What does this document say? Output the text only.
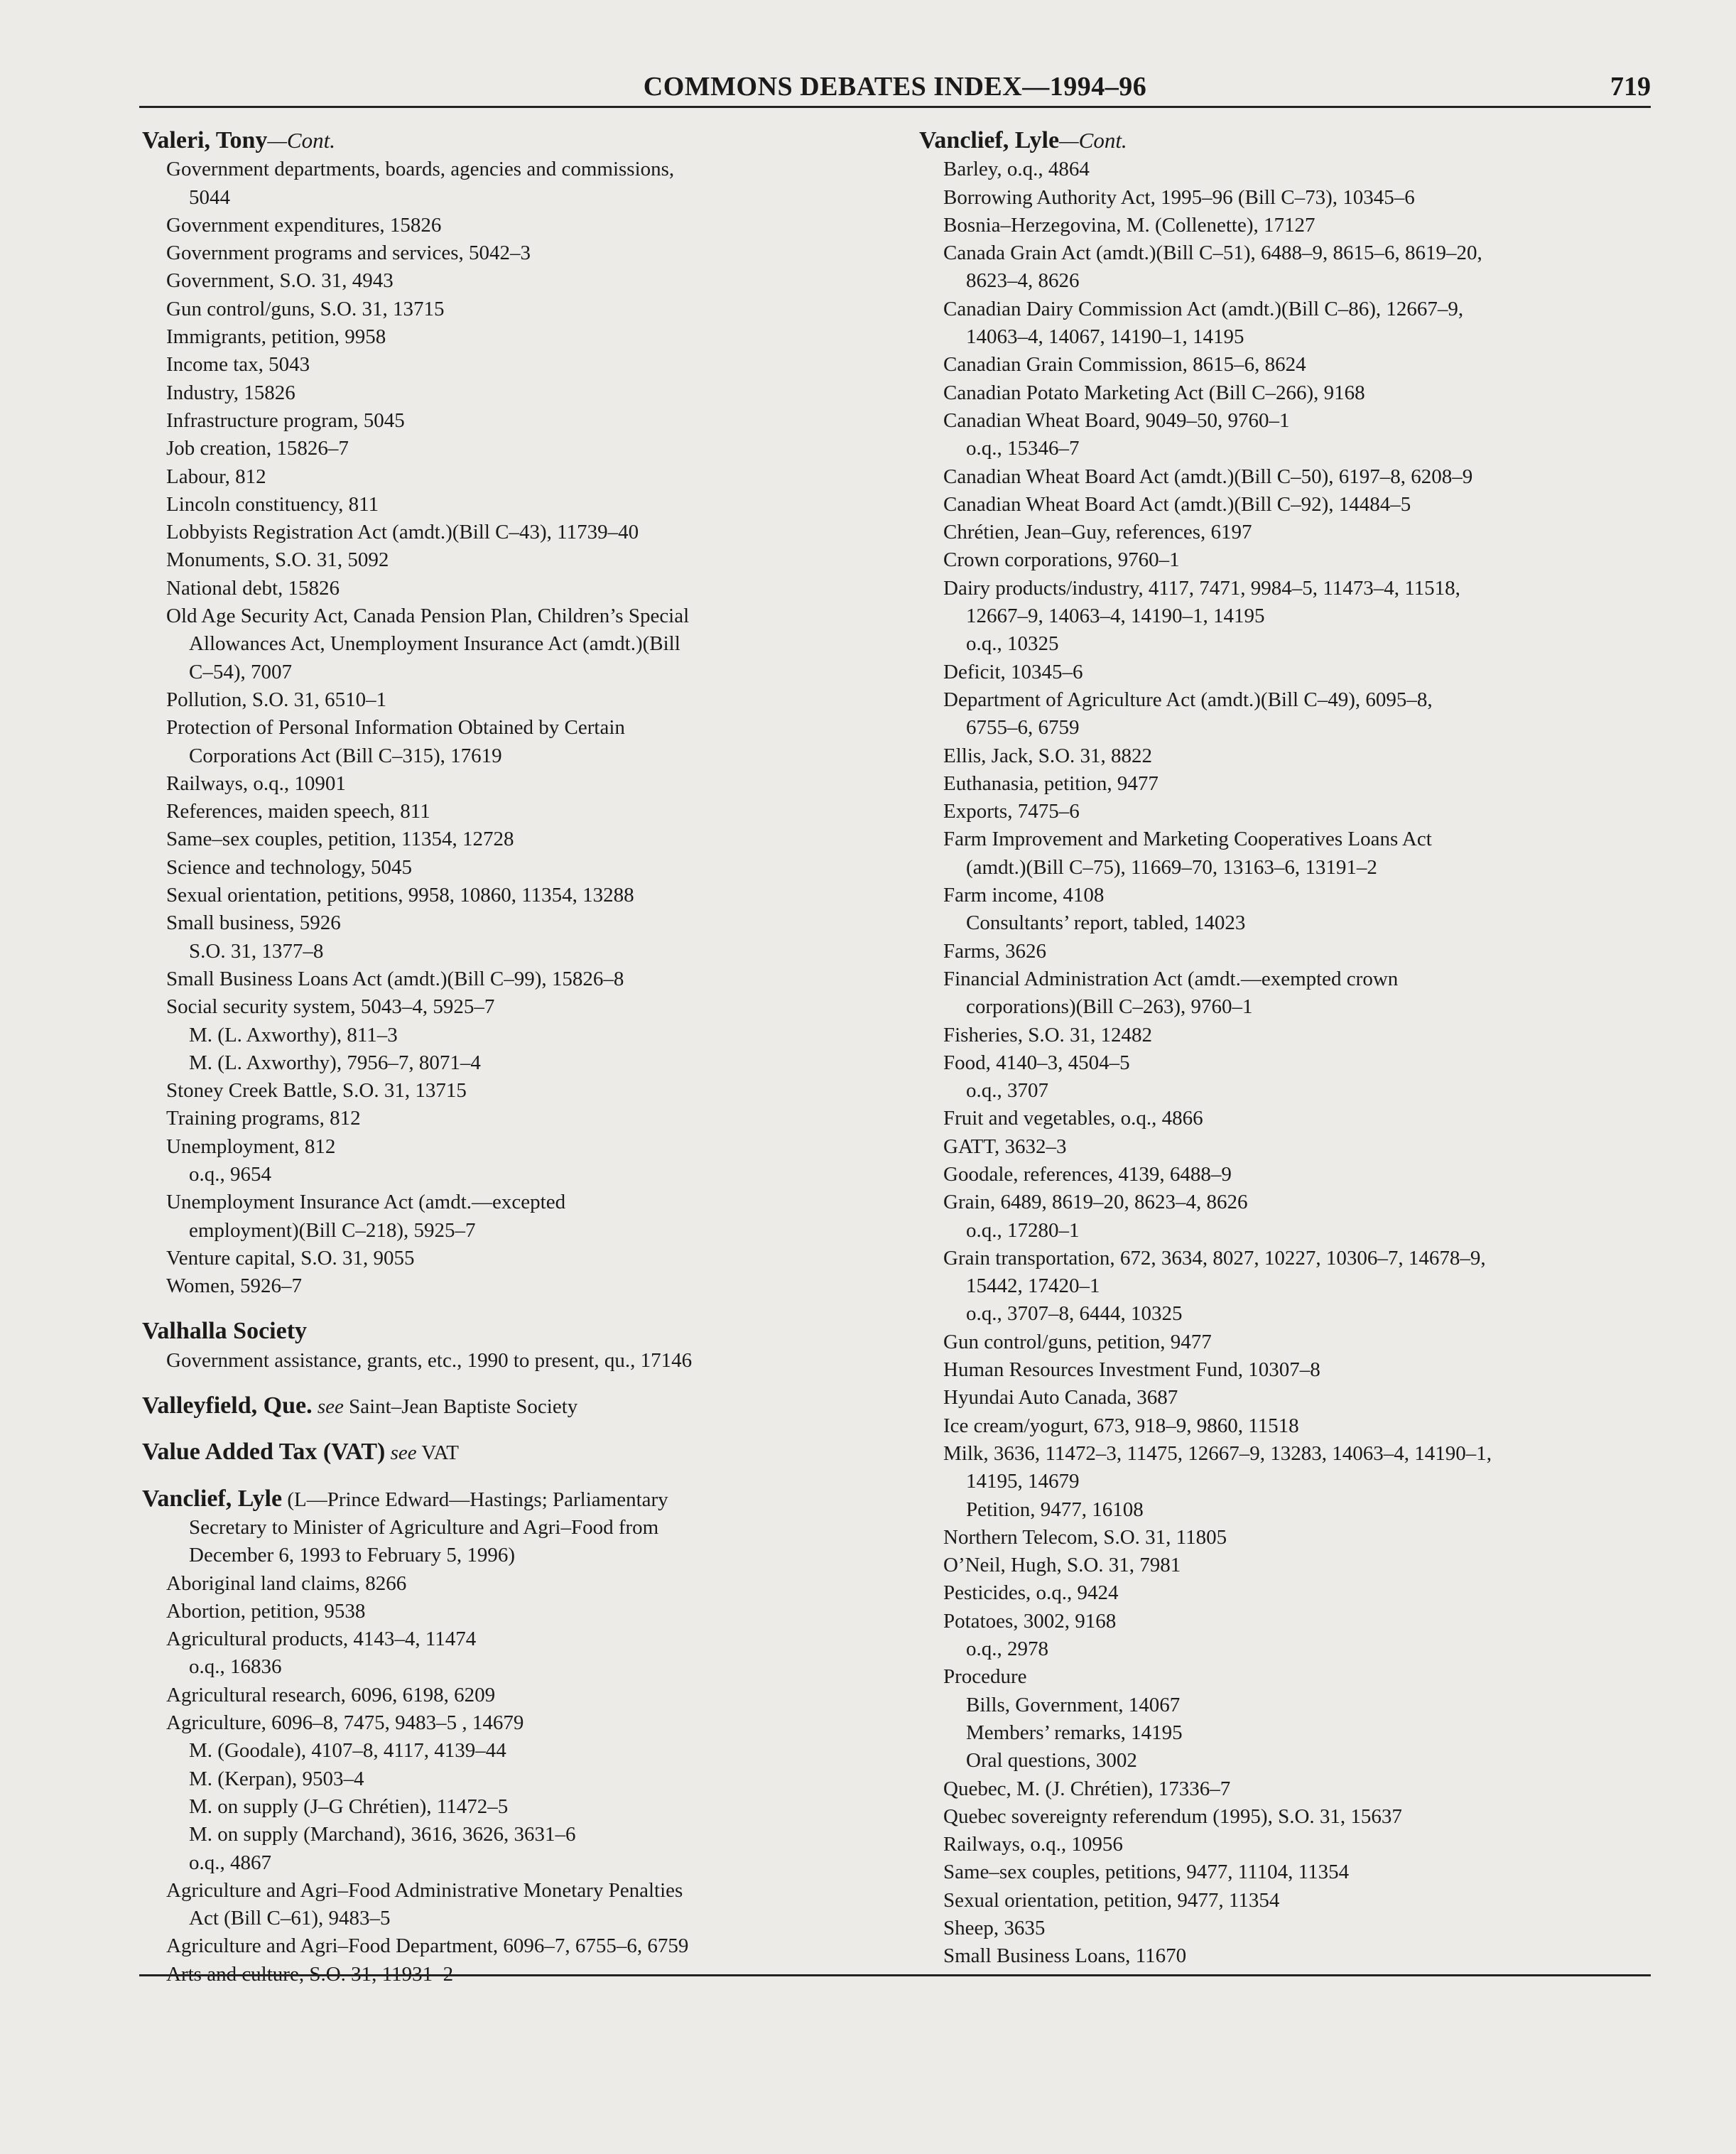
COMMONS DEBATES INDEX—1994–96	719
Valeri, Tony—Cont.
Government departments, boards, agencies and commissions,
5044
Government expenditures, 15826
Government programs and services, 5042–3
Government, S.O. 31, 4943
Gun control/guns, S.O. 31, 13715
Immigrants, petition, 9958
Income tax, 5043
Industry, 15826
Infrastructure program, 5045
Job creation, 15826–7
Labour, 812
Lincoln constituency, 811
Lobbyists Registration Act (amdt.)(Bill C–43), 11739–40
Monuments, S.O. 31, 5092
National debt, 15826
Old Age Security Act, Canada Pension Plan, Children’s Special
Allowances Act, Unemployment Insurance Act (amdt.)(Bill
C–54), 7007
Pollution, S.O. 31, 6510–1
Protection of Personal Information Obtained by Certain
Corporations Act (Bill C–315), 17619
Railways, o.q., 10901
References, maiden speech, 811
Same–sex couples, petition, 11354, 12728
Science and technology, 5045
Sexual orientation, petitions, 9958, 10860, 11354, 13288
Small business, 5926
S.O. 31, 1377–8
Small Business Loans Act (amdt.)(Bill C–99), 15826–8
Social security system, 5043–4, 5925–7
M. (L. Axworthy), 811–3
M. (L. Axworthy), 7956–7, 8071–4
Stoney Creek Battle, S.O. 31, 13715
Training programs, 812
Unemployment, 812
o.q., 9654
Unemployment Insurance Act (amdt.—excepted
employment)(Bill C–218), 5925–7
Venture capital, S.O. 31, 9055
Women, 5926–7
Valhalla Society
Government assistance, grants, etc., 1990 to present, qu., 17146
Valleyfield, Que. see Saint–Jean Baptiste Society
Value Added Tax (VAT) see VAT
Vanclief, Lyle (L—Prince Edward—Hastings; Parliamentary
Secretary to Minister of Agriculture and Agri–Food from
December 6, 1993 to February 5, 1996)
Aboriginal land claims, 8266
Abortion, petition, 9538
Agricultural products, 4143–4, 11474
o.q., 16836
Agricultural research, 6096, 6198, 6209
Agriculture, 6096–8, 7475, 9483–5 , 14679
M. (Goodale), 4107–8, 4117, 4139–44
M. (Kerpan), 9503–4
M. on supply (J–G Chrétien), 11472–5
M. on supply (Marchand), 3616, 3626, 3631–6
o.q., 4867
Agriculture and Agri–Food Administrative Monetary Penalties
Act (Bill C–61), 9483–5
Agriculture and Agri–Food Department, 6096–7, 6755–6, 6759
Arts and culture, S.O. 31, 11931–2
Vanclief, Lyle—Cont.
Barley, o.q., 4864
Borrowing Authority Act, 1995–96 (Bill C–73), 10345–6
Bosnia–Herzegovina, M. (Collenette), 17127
Canada Grain Act (amdt.)(Bill C–51), 6488–9, 8615–6, 8619–20,
8623–4, 8626
Canadian Dairy Commission Act (amdt.)(Bill C–86), 12667–9,
14063–4, 14067, 14190–1, 14195
Canadian Grain Commission, 8615–6, 8624
Canadian Potato Marketing Act (Bill C–266), 9168
Canadian Wheat Board, 9049–50, 9760–1
o.q., 15346–7
Canadian Wheat Board Act (amdt.)(Bill C–50), 6197–8, 6208–9
Canadian Wheat Board Act (amdt.)(Bill C–92), 14484–5
Chrétien, Jean–Guy, references, 6197
Crown corporations, 9760–1
Dairy products/industry, 4117, 7471, 9984–5, 11473–4, 11518,
12667–9, 14063–4, 14190–1, 14195
o.q., 10325
Deficit, 10345–6
Department of Agriculture Act (amdt.)(Bill C–49), 6095–8,
6755–6, 6759
Ellis, Jack, S.O. 31, 8822
Euthanasia, petition, 9477
Exports, 7475–6
Farm Improvement and Marketing Cooperatives Loans Act
(amdt.)(Bill C–75), 11669–70, 13163–6, 13191–2
Farm income, 4108
Consultants’ report, tabled, 14023
Farms, 3626
Financial Administration Act (amdt.—exempted crown
corporations)(Bill C–263), 9760–1
Fisheries, S.O. 31, 12482
Food, 4140–3, 4504–5
o.q., 3707
Fruit and vegetables, o.q., 4866
GATT, 3632–3
Goodale, references, 4139, 6488–9
Grain, 6489, 8619–20, 8623–4, 8626
o.q., 17280–1
Grain transportation, 672, 3634, 8027, 10227, 10306–7, 14678–9,
15442, 17420–1
o.q., 3707–8, 6444, 10325
Gun control/guns, petition, 9477
Human Resources Investment Fund, 10307–8
Hyundai Auto Canada, 3687
Ice cream/yogurt, 673, 918–9, 9860, 11518
Milk, 3636, 11472–3, 11475, 12667–9, 13283, 14063–4, 14190–1,
14195, 14679
Petition, 9477, 16108
Northern Telecom, S.O. 31, 11805
O’Neil, Hugh, S.O. 31, 7981
Pesticides, o.q., 9424
Potatoes, 3002, 9168
o.q., 2978
Procedure
Bills, Government, 14067
Members’ remarks, 14195
Oral questions, 3002
Quebec, M. (J. Chrétien), 17336–7
Quebec sovereignty referendum (1995), S.O. 31, 15637
Railways, o.q., 10956
Same–sex couples, petitions, 9477, 11104, 11354
Sexual orientation, petition, 9477, 11354
Sheep, 3635
Small Business Loans, 11670
